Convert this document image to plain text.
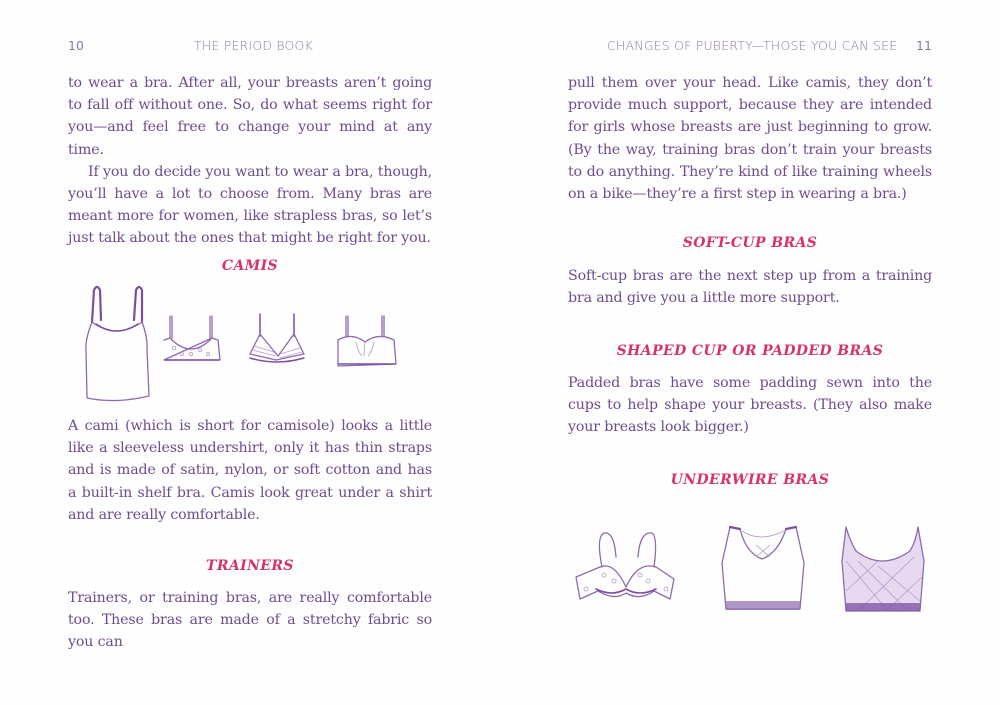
10	THE PERIOD BOOK

to wear a bra. After all, your breasts aren’t going to fall off without one. So, do what seems right for you—and feel free to change your mind at any time.

If you do decide you want to wear a bra, though, you’ll have a lot to choose from. Many bras are meant more for women, like strapless bras, so let’s just talk about the ones that might be right for you.

CAMIS

A cami (which is short for camisole) looks a little like a sleeveless undershirt, only it has thin straps and is made of satin, nylon, or soft cotton and has a built-in shelf bra. Camis look great under a shirt and are really comfortable.

TRAINERS

Trainers, or training bras, are really comfortable too. These bras are made of a stretchy fabric so you can

CHANGES OF PUBERTY—THOSE YOU CAN SEE 11

pull them over your head. Like camis, they don’t provide much support, because they are intended for girls whose breasts are just beginning to grow. (By the way, training bras don’t train your breasts to do anything. They’re kind of like training wheels on a bike—they’re a first step in wearing a bra.)

SOFT-CUP BRAS

Soft-cup bras are the next step up from a training bra and give you a little more support.

SHAPED CUP OR PADDED BRAS

Padded bras have some padding sewn into the cups to help shape your breasts. (They also make your breasts look bigger.)

UNDERWIRE BRAS
